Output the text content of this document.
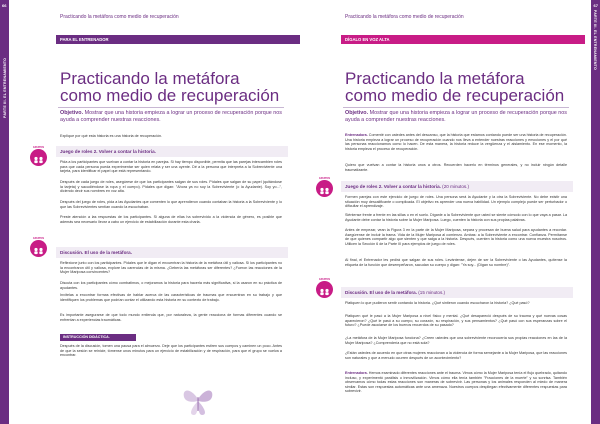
66
PARTE III. EL ENTRENAMIENTO
Practicando la metáfora como medio de recuperación
PARA EL ENTRENADOR
Practicando la metáfora como medio de recuperación
Objetivo. Mostrar que una historia empieza a lograr un proceso de recuperación porque nos ayuda a comprender nuestras reacciones.
Explique por qué esta historia es una historia de recuperación.
GRUPOS
Juego de roles 2. Volver a contar la historia.
Pida a los participantes que vuelvan a contar la historia en parejas. Si hay tiempo disponible, permita que las parejas intercambien roles para que cada persona pueda experimentar ser quien relata y ser una oyente. Dé a la persona que interpreta a la Sobreviviente una tarjeta, para identificar el papel que está representando.
Después de cada juego de roles, asegúrese de que los participantes salgan de sus roles. Pídales que salgan de su papel (quitándose la tarjeta) y sacudiéndose la ropa y el cuerpo). Pídales que digan: "Ahora ya no soy la Sobreviviente (o la Ayudante). Soy yo...", diciendo decir sus nombres en voz alta.
Después del juego de roles, pida a las Ayudantes que comenten lo que aprendieron cuando contaban la historia a la Sobreviviente y lo que las Sobrevivientes sentían cuando la escuchaban.
Preste atención a las respuestas de los participantes. Si alguna de ellas ha sobrevivido a la violencia de género, es posible que además sea necesario llevar a cabo un ejercicio de estabilización durante esta charla.
GRUPOS
Discusión. El uso de la metáfora.
Reflexione junto con los participantes. Pídales que le digan el encuentran la historia de la metáfora útil y valiosa. Si los participantes no la encontraron útil y valiosa, explore las carencias de la misma. ¿Debería las metáforas ser diferentes? ¿Fueron las reacciones de la Mujer Mariposa convincentes?
Discuta con los participantes cómo combatimos, o mejoramos la historia para hacerla más significativa, si la usaron en su práctica de ayudantes.
Invítelas a encontrar formas efectivas de hablar acerca de las características de traumas que encuentran en su trabajo y que identifiquen los problemas que podrían contar el utilizando esta historia en su contexto de trabajo.
Es importante asegurarse de que todo mundo entienda que, por naturaleza, la gente reacciona de formas diferentes cuando se enfrentan a experiencias traumáticas.
INSTRUCCIÓN DIDÁCTICA.
Después de la discusión, tomen una pausa para el almuerzo. Deje que los participantes estiren sus cuerpos y caminen un poco. Antes de que la sesión se reinicie, tómense unos minutos para un ejercicio de estabilización y de respiración, para que el grupo se vuelva a encontrar.
67
PARTE III. EL ENTRENAMIENTO
Practicando la metáfora como medio de recuperación
DÍGALO EN VOZ ALTA
Practicando la metáfora como medio de recuperación
Objetivo. Mostrar que una historia empieza a lograr un proceso de recuperación porque nos ayuda a comprender nuestras reacciones.
Entrenadora. Comenté con ustedes antes del descanso, que la historia que estamos contando puede ser una historia de recuperación. Una historia empieza a lograr un proceso de recuperación cuando nos lleva a entender nuestras reacciones y emociones y el por qué las personas reaccionamos como lo hacen. De esta manera, la historia reduce la vergüenza y el aislamiento. En ese momento, la historia empieza el proceso de recuperación.
Quiero que vuelvan a contar la historia unos a otros. Recuerden hacerlo en términos generales, y no incluir ningún detalle traumatizante.
GRUPOS
Juego de roles 2. Volver a contar la historia. (20 minutos.)
Formen parejas con este ejercicio de juego de roles. Una persona será la Ayudante y la otra la Sobreviviente. No debe existir una situación muy descalificante o complicada. El objetivo es aprender una nueva habilidad. Un ejemplo complejo puede ser perturbador o dificultar el aprendizaje.
Siéntense frente a frente en las sillas o en el suelo. Díganle a la Sobreviviente que usted se siente cómodo con lo que vaya a pasar. La Ayudante debe contar la historia sobre la Mujer Mariposa. Luego, cuenten la historia con sus propias palabras.
Antes de empezar, vean la Figura 3 en la parte de la Mujer Mariposa, separa y procesan de buena salud para ayudantes a recordar. Asegúrense de incluir la trama. Vida de la Mujer Mariposa al comienzo. Ambas: a la Sobreviviente a encontrar. Confianza. Permítanse de que quienes compartir algo que sienten y que salga a la historia. Después, cuenten la historia como una nueva muestra nosotros. Utilicen la Sección 6 de la Parte III para ejemplos de juego de roles.
Al final, el Entrenador les pedirá que salgan de sus roles. Levántense, dejen de ser la Sobreviviente o las Ayudantes, quítense la etiqueta de la función que desempeñaron, sacudan su cuerpo y digan: "Ya soy... (Digan su nombre)".
GRUPOS
Discusión. El uso de la metáfora. (15 minutos.)
Platiquen lo que pudieron sentir contando la historia. ¿Qué sintieron cuando escucharon la historia? ¿Qué pasó?
Platiquen qué le pasó a la Mujer Mariposa a nivel físico y mental. ¿Qué desapareció después de su trauma y qué nuevas cosas aparecieron? ¿Qué le pasó a su cuerpo, su corazón, su respiración, y sus pensamientos? ¿Qué pasó con sus esperanzas sobre el futuro? ¿Puede asociarse de los buenos recuerdos de su pasado?
¿La metáfora de la Mujer Mariposa funciona? ¿Creen ustedes que una sobreviviente reconocería sus propias reacciones en las de la Mujer Mariposa? ¿Comprendería que no está sola?
¿Están ustedes de acuerdo en que otras mujeres reaccionan a la violencia de forma semejante a la Mujer Mariposa, que las reacciones son naturales y que a menudo ocurren después de un acontecimiento?
Entrenadora. Hemos examinado diferentes reacciones ante el trauma. Vimos cómo la Mujer Mariposa tenía el flujo quebrado, quitando incluso, y experimentó parálisis o inmovilización. Vimos cómo ella tenía también "Fracciones de la muerte" y su sonrisa. También observamos cómo todas estas reacciones son maneras de sobrevivir. Las personas y los animales responden al miedo de manera similar. Estas son respuestas automáticas ante una amenaza. Nuestros cuerpos despliegan efectivamente diferentes respuestas para sobrevivir.
